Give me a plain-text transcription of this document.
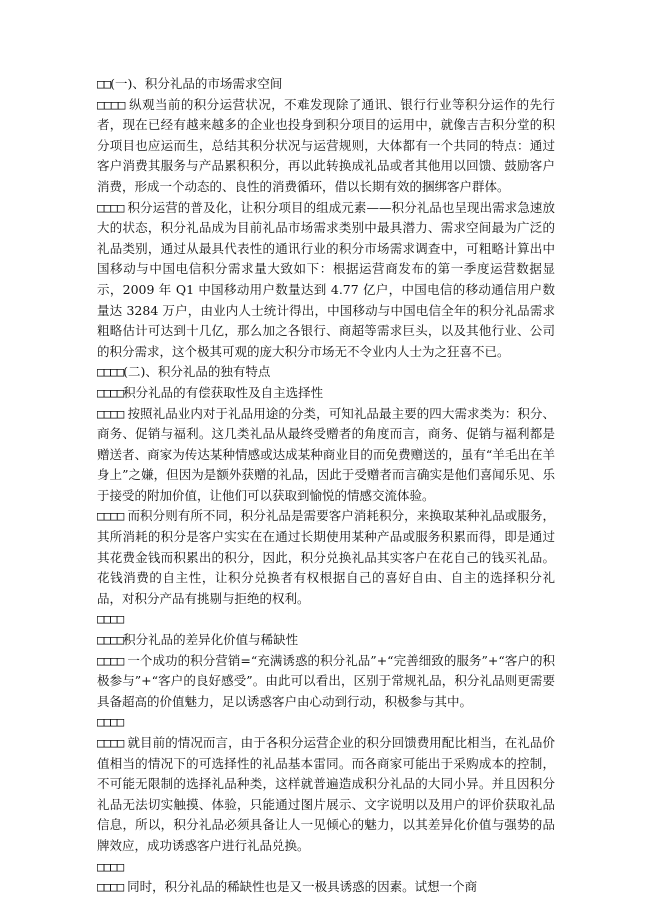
□□(一)、积分礼品的市场需求空间

□□□□ 纵观当前的积分运营状况，不难发现除了通讯、银行行业等积分运作的先行者，现在已经有越来越多的企业也投身到积分项目的运用中，就像吉吉积分堂的积分项目也应运而生，总结其积分状况与运营规则，大体都有一个共同的特点：通过客户消费其服务与产品累积积分，再以此转换成礼品或者其他用以回馈、鼓励客户消费，形成一个动态的、良性的消费循环，借以长期有效的捆绑客户群体。

□□□□ 积分运营的普及化，让积分项目的组成元素——积分礼品也呈现出需求急速放大的状态，积分礼品成为目前礼品市场需求类别中最具潜力、需求空间最为广泛的礼品类别，通过从最具代表性的通讯行业的积分市场需求调查中，可粗略计算出中国移动与中国电信积分需求量大致如下：根据运营商发布的第一季度运营数据显示，2009 年 Q1 中国移动用户数量达到 4.77 亿户，中国电信的移动通信用户数量达 3284 万户，由业内人士统计得出，中国移动与中国电信全年的积分礼品需求粗略估计可达到十几亿，那么加之各银行、商超等需求巨头，以及其他行业、公司的积分需求，这个极其可观的庞大积分市场无不令业内人士为之狂喜不已。

□□□□(二)、积分礼品的独有特点

□□□□积分礼品的有偿获取性及自主选择性

□□□□ 按照礼品业内对于礼品用途的分类，可知礼品最主要的四大需求类为：积分、商务、促销与福利。这几类礼品从最终受赠者的角度而言，商务、促销与福利都是赠送者、商家为传达某种情感或达成某种商业目的而免费赠送的，虽有“羊毛出在羊身上”之嫌，但因为是额外获赠的礼品，因此于受赠者而言确实是他们喜闻乐见、乐于接受的附加价值，让他们可以获取到愉悦的情感交流体验。

□□□□ 而积分则有所不同，积分礼品是需要客户消耗积分，来换取某种礼品或服务，其所消耗的积分是客户实实在在通过长期使用某种产品或服务积累而得，即是通过其花费金钱而积累出的积分，因此，积分兑换礼品其实客户在花自己的钱买礼品。花钱消费的自主性，让积分兑换者有权根据自己的喜好自由、自主的选择积分礼品，对积分产品有挑剔与拒绝的权利。

□□□□

□□□□积分礼品的差异化价值与稀缺性

□□□□ 一个成功的积分营销=“充满诱惑的积分礼品”+“完善细致的服务”+“客户的积极参与”+“客户的良好感受”。由此可以看出，区别于常规礼品，积分礼品则更需要具备超高的价值魅力，足以诱惑客户由心动到行动，积极参与其中。

□□□□

□□□□ 就目前的情况而言，由于各积分运营企业的积分回馈费用配比相当，在礼品价值相当的情况下的可选择性的礼品基本雷同。而各商家可能出于采购成本的控制，不可能无限制的选择礼品种类，这样就普遍造成积分礼品的大同小异。并且因积分礼品无法切实触摸、体验，只能通过图片展示、文字说明以及用户的评价获取礼品信息，所以，积分礼品必须具备让人一见倾心的魅力，以其差异化价值与强势的品牌效应，成功诱惑客户进行礼品兑换。

□□□□

□□□□ 同时，积分礼品的稀缺性也是又一极具诱惑的因素。试想一个商
